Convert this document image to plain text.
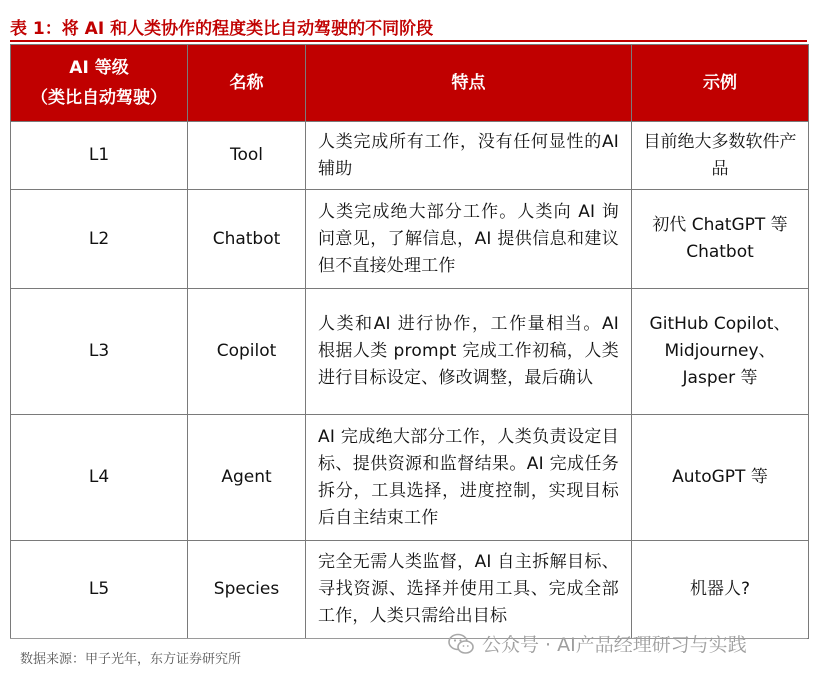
表 1：将 AI 和人类协作的程度类比自动驾驶的不同阶段
AI 等级
（类比自动驾驶）	名称	特点	示例
L1	Tool	人类完成所有工作，没有任何显性的AI 辅助	目前绝大多数软件产品
L2	Chatbot	人类完成绝大部分工作。人类向 AI 询问意见，了解信息，AI 提供信息和建议但不直接处理工作	初代 ChatGPT 等 Chatbot
L3	Copilot	人类和AI 进行协作，工作量相当。AI 根据人类 prompt 完成工作初稿，人类进行目标设定、修改调整，最后确认	GitHub Copilot、Midjourney、Jasper 等
L4	Agent	AI 完成绝大部分工作，人类负责设定目标、提供资源和监督结果。AI 完成任务拆分，工具选择，进度控制，实现目标后自主结束工作	AutoGPT 等
L5	Species	完全无需人类监督，AI 自主拆解目标、寻找资源、选择并使用工具、完成全部工作，人类只需给出目标	机器人?
数据来源：甲子光年，东方证券研究所
公众号 · AI产品经理研习与实践
